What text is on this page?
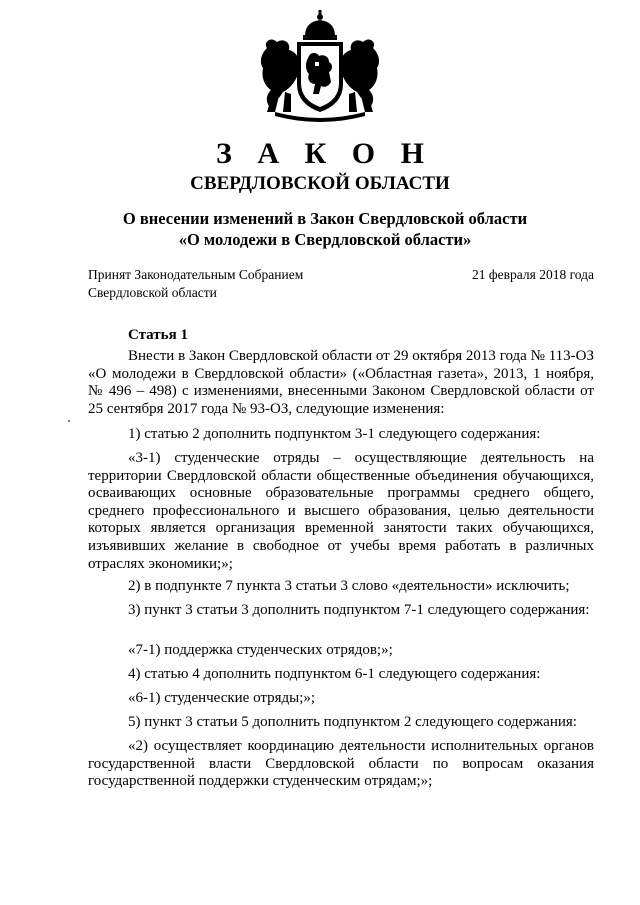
З А К О Н
СВЕРДЛОВСКОЙ ОБЛАСТИ
О внесении изменений в Закон Свердловской области «О молодежи в Свердловской области»
Принят Законодательным Собранием Свердловской области
21 февраля 2018 года
Статья 1

Внести в Закон Свердловской области от 29 октября 2013 года № 113-ОЗ «О молодежи в Свердловской области» («Областная газета», 2013, 1 ноября, № 496 – 498) с изменениями, внесенными Законом Свердловской области от 25 сентября 2017 года № 93-ОЗ, следующие изменения:

1) статью 2 дополнить подпунктом 3-1 следующего содержания:

«3-1) студенческие отряды – осуществляющие деятельность на территории Свердловской области общественные объединения обучающихся, осваивающих основные образовательные программы среднего общего, среднего профессионального и высшего образования, целью деятельности которых является организация временной занятости таких обучающихся, изъявивших желание в свободное от учебы время работать в различных отраслях экономики;»;

2) в подпункте 7 пункта 3 статьи 3 слово «деятельности» исключить;

3) пункт 3 статьи 3 дополнить подпунктом 7-1 следующего содержания:

«7-1) поддержка студенческих отрядов;»;

4) статью 4 дополнить подпунктом 6-1 следующего содержания:

«6-1) студенческие отряды;»;

5) пункт 3 статьи 5 дополнить подпунктом 2 следующего содержания:

«2) осуществляет координацию деятельности исполнительных органов государственной власти Свердловской области по вопросам оказания государственной поддержки студенческим отрядам;»;
